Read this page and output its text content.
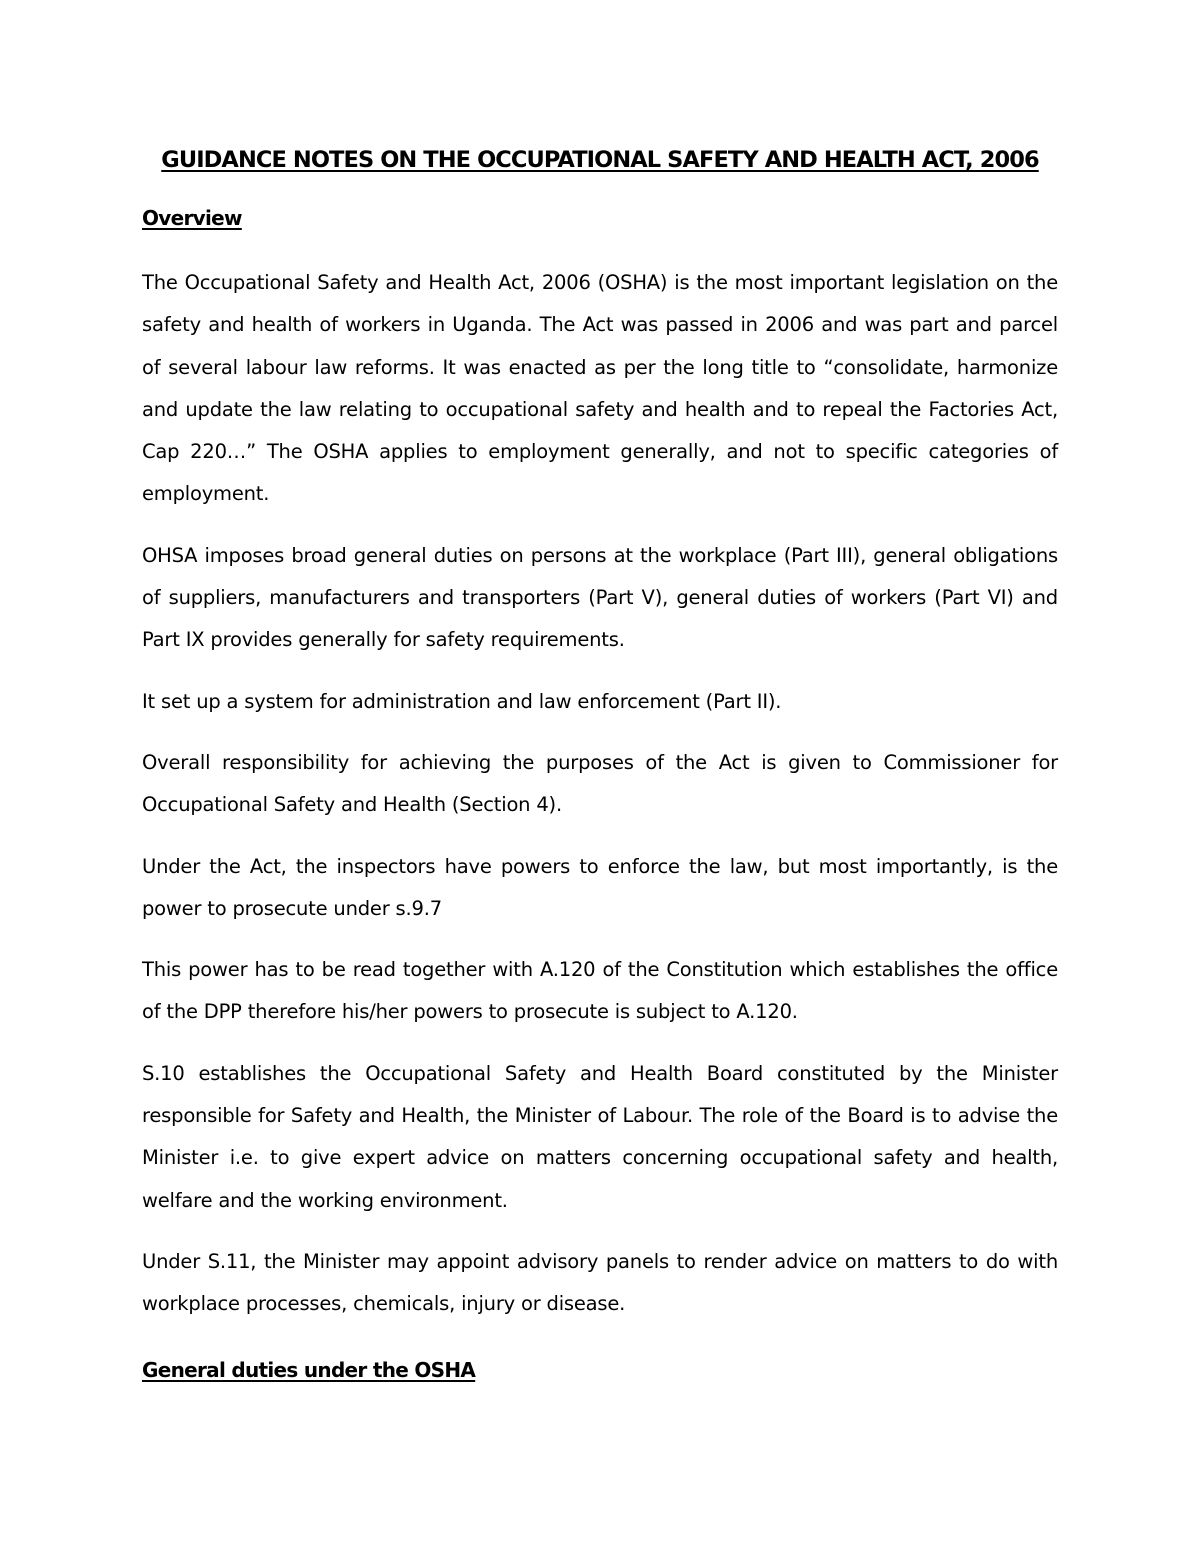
GUIDANCE NOTES ON THE OCCUPATIONAL SAFETY AND HEALTH ACT, 2006
Overview

The Occupational Safety and Health Act, 2006 (OSHA) is the most important legislation on the safety and health of workers in Uganda. The Act was passed in 2006 and was part and parcel of several labour law reforms. It was enacted as per the long title to “consolidate, harmonize and update the law relating to occupational safety and health and to repeal the Factories Act, Cap 220…” The OSHA applies to employment generally, and not to specific categories of employment.

OHSA imposes broad general duties on persons at the workplace (Part III), general obligations of suppliers, manufacturers and transporters (Part V), general duties of workers (Part VI) and Part IX provides generally for safety requirements.

It set up a system for administration and law enforcement (Part II).

Overall responsibility for achieving the purposes of the Act is given to Commissioner for Occupational Safety and Health (Section 4).

Under the Act, the inspectors have powers to enforce the law, but most importantly, is the power to prosecute under s.9.7

This power has to be read together with A.120 of the Constitution which establishes the office of the DPP therefore his/her powers to prosecute is subject to A.120.

S.10 establishes the Occupational Safety and Health Board constituted by the Minister responsible for Safety and Health, the Minister of Labour. The role of the Board is to advise the Minister i.e. to give expert advice on matters concerning occupational safety and health, welfare and the working environment.

Under S.11, the Minister may appoint advisory panels to render advice on matters to do with workplace processes, chemicals, injury or disease.

General duties under the OSHA
